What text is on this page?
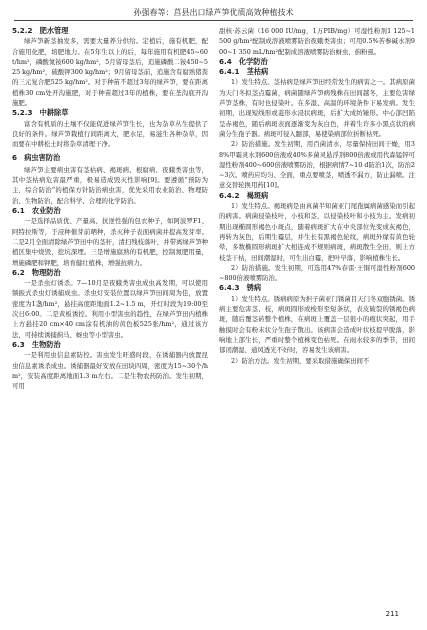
孙强春等：莒县出口绿芦笋优质高效种植技术

5.2.2　肥水管理

绿芦笋新茎抽发多，需要大量养分供给。定植后，施有机肥，配合施用化肥，培肥地力。在5年生以上的后，每年施用有机肥45~60 t/hm²，磷酸氮铵600 kg/hm²，5月留母茎后，追施磷酸二铵450~525 kg/hm²，硫酸钾300 kg/hm²；9月留母茎前，追施含有腐熟猪粪的三元复合肥525 kg/hm²。对于种苗不超过3年的绿芦笋，要在距离植株30 cm处开沟施肥，对于种苗超过3年的植株，要在垄沟底开沟施肥。

5.2.3　中耕除草

富含有机质的土壤不仅能促进绿芦笋生长，也为杂草丛生提供了良好的条件。绿芦笋栽植行间距离大，肥水足，易滋生各种杂草，因而要在中耕松土时将杂草清理干净。

6　病虫害防治

绿芦笋主要病虫害有茎枯病、褐斑病、根腐病、夜蛾类害虫等，其中茎枯病危害最严重，极易造成毁灭性影响[9]。要遵循“预防为主，综合防治”的植保方针防治病虫害，优先采用农业防治、物理防治、生物防治，配合科学、合理的化学防治。

6.1　农业防治

一是选择品质优、产量高、抗逆性强的包衣种子，如阿波罗F1、阿特拉斯等，于浸种催芽前晒种，杀灭种子表面病菌并提高发芽率。二是2月全面清除绿芦笋田中的茎秆，清扫残枝落叶，并带离绿芦笋种植区集中烧毁，挖坑深埋。三是增施腐熟的有机肥，控制氮肥用量，增施磷肥和钾肥，培育健壮植株，增强抗病力。

6.2　物理防治

一是杀虫灯诱杀。7—10月是夜蛾类害虫成虫高发期，可以使用频振式杀虫灯诱捕成虫。杀虫灯安装位置以绿芦笋田间周为佳，放置密度为1盏/hm²，悬挂高度距地面1.2~1.5 m，开灯时段为19:00至次日6:00。二是黄板诱控。利用小型害虫的趋性，在绿芦笋田内植株上方悬挂20 cm×40 cm涂有机油的黄色板525张/hm²，通过该方法，可持续诱捕蓟马、蚜虫等小型害虫。

6.3　生物防治

一是利用虫信息素防控。害虫发生旺盛时段，在诱捕器内放置昆虫信息素诱杀成虫。诱捕器最好安放在田块四周，密度为15~30个/hm²，安装高度距离地面1.3 m左右。二是生物农药防治。发生初期，可用

甜核·苏云菌（16 000 IU/mg，1万PIB/mg）可湿性粉剂1 125~1 500 g/hm²配制成溶液喷雾防治夜蛾类害虫；可用0.5%苦参碱水剂900~1 350 mL/hm²配制成溶液喷雾防治蚜虫、蓟粉虱。

6.4　化学防治

6.4.1　茎枯病

1）发生特点。茎枯病是绿芦笋田经常发生的病害之一。其病原菌为天门冬拟茎点霉菌，病菌随绿芦笋病残株在田间越冬，主要危害绿芦笋茎株，有时也侵染叶。在多湿、高温的环境条件下易发病。发生初期，出现短线形或菱形水浸状病斑，后扩大成纺锤形。中心部凹陷呈赤褐色，随后病斑表面逐渐变为灰白色，并着生许多小黑点状的病菌分生孢子器。病斑可侵入髓部，易使染病部位折断枯死。

2）防治措施。发生初期，用百菌清水，尽量保持田间干燥，用38%甲霜灵水剂600倍液或40%多菌灵悬浮剂800倍液或用代森锰锌可湿性粉剂400~600倍液喷雾防治，根据病情7~10 d防治1次，防治2~3次。喷药应均匀、全面，重点要喷茎，喷透不漏方，防止漏喷。注意交替轮换用药[10]。

6.4.2　褐斑病

1）发生特点。褐斑病是由真菌半知菌亚门尾孢属病菌感染而引起的病害。病菌侵染枝叶，小枝和茎，以侵染枝叶和小枝为主。发病初期出现椭圆形褐色小斑点，随着病斑扩大在中央部位先变成灰褐色，再转为灰色，后期生霉层，并生长有黑褐色轮纹，病斑外缘有黄色轮晕，多数椭圆形病斑扩大相连成不规则病斑，病斑散生全田，则上方枝茎干枯，田间潮湿时，可生出白霉，把叶早落，影响植株生长。

2）防治措施。发生初期，可选用47%春雷·王铜可湿性粉剂600~800倍液喷雾防治。

6.4.3　锈病

1）发生特点。锈病病原为担子菌亚门锈菌目天门冬双胞锈菌。锈病主要危害茎、枝，病斑圆形或梭形至短条状，表皮破裂的锈褐色病斑，随后覆茎砖整个植株，在病斑上覆盖一层很小的疱状突起，用手触摸时会有粉末状分生孢子散出。该病害会造成叶状枝提早脱落，影响地上部生长，严重时整个植株变色枯死。在雨水较多的季节，田间郁闭潮湿、通风透光不好时，容易发生该病害。

2）防治方法。发生初期，要采取措施确保田间不

211
